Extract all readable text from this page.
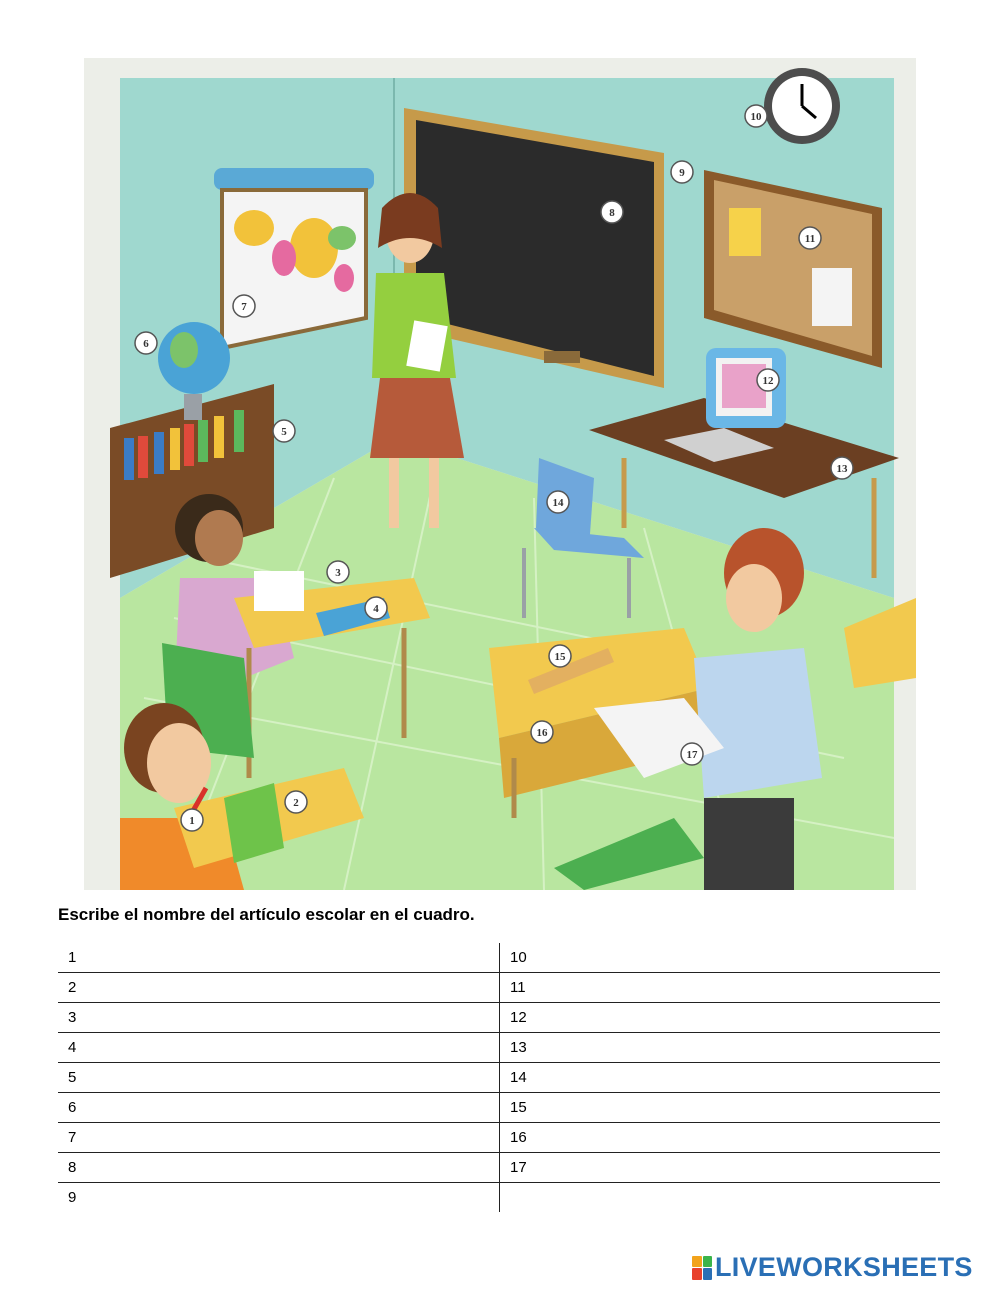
1
2
3
4
5
6
7
8
9
10
11
12
13
14
15
16
17
Escribe el nombre del artículo escolar en el cuadro.
1	10
2	11
3	12
4	13
5	14
6	15
7	16
8	17
9	
LIVEWORKSHEETS
